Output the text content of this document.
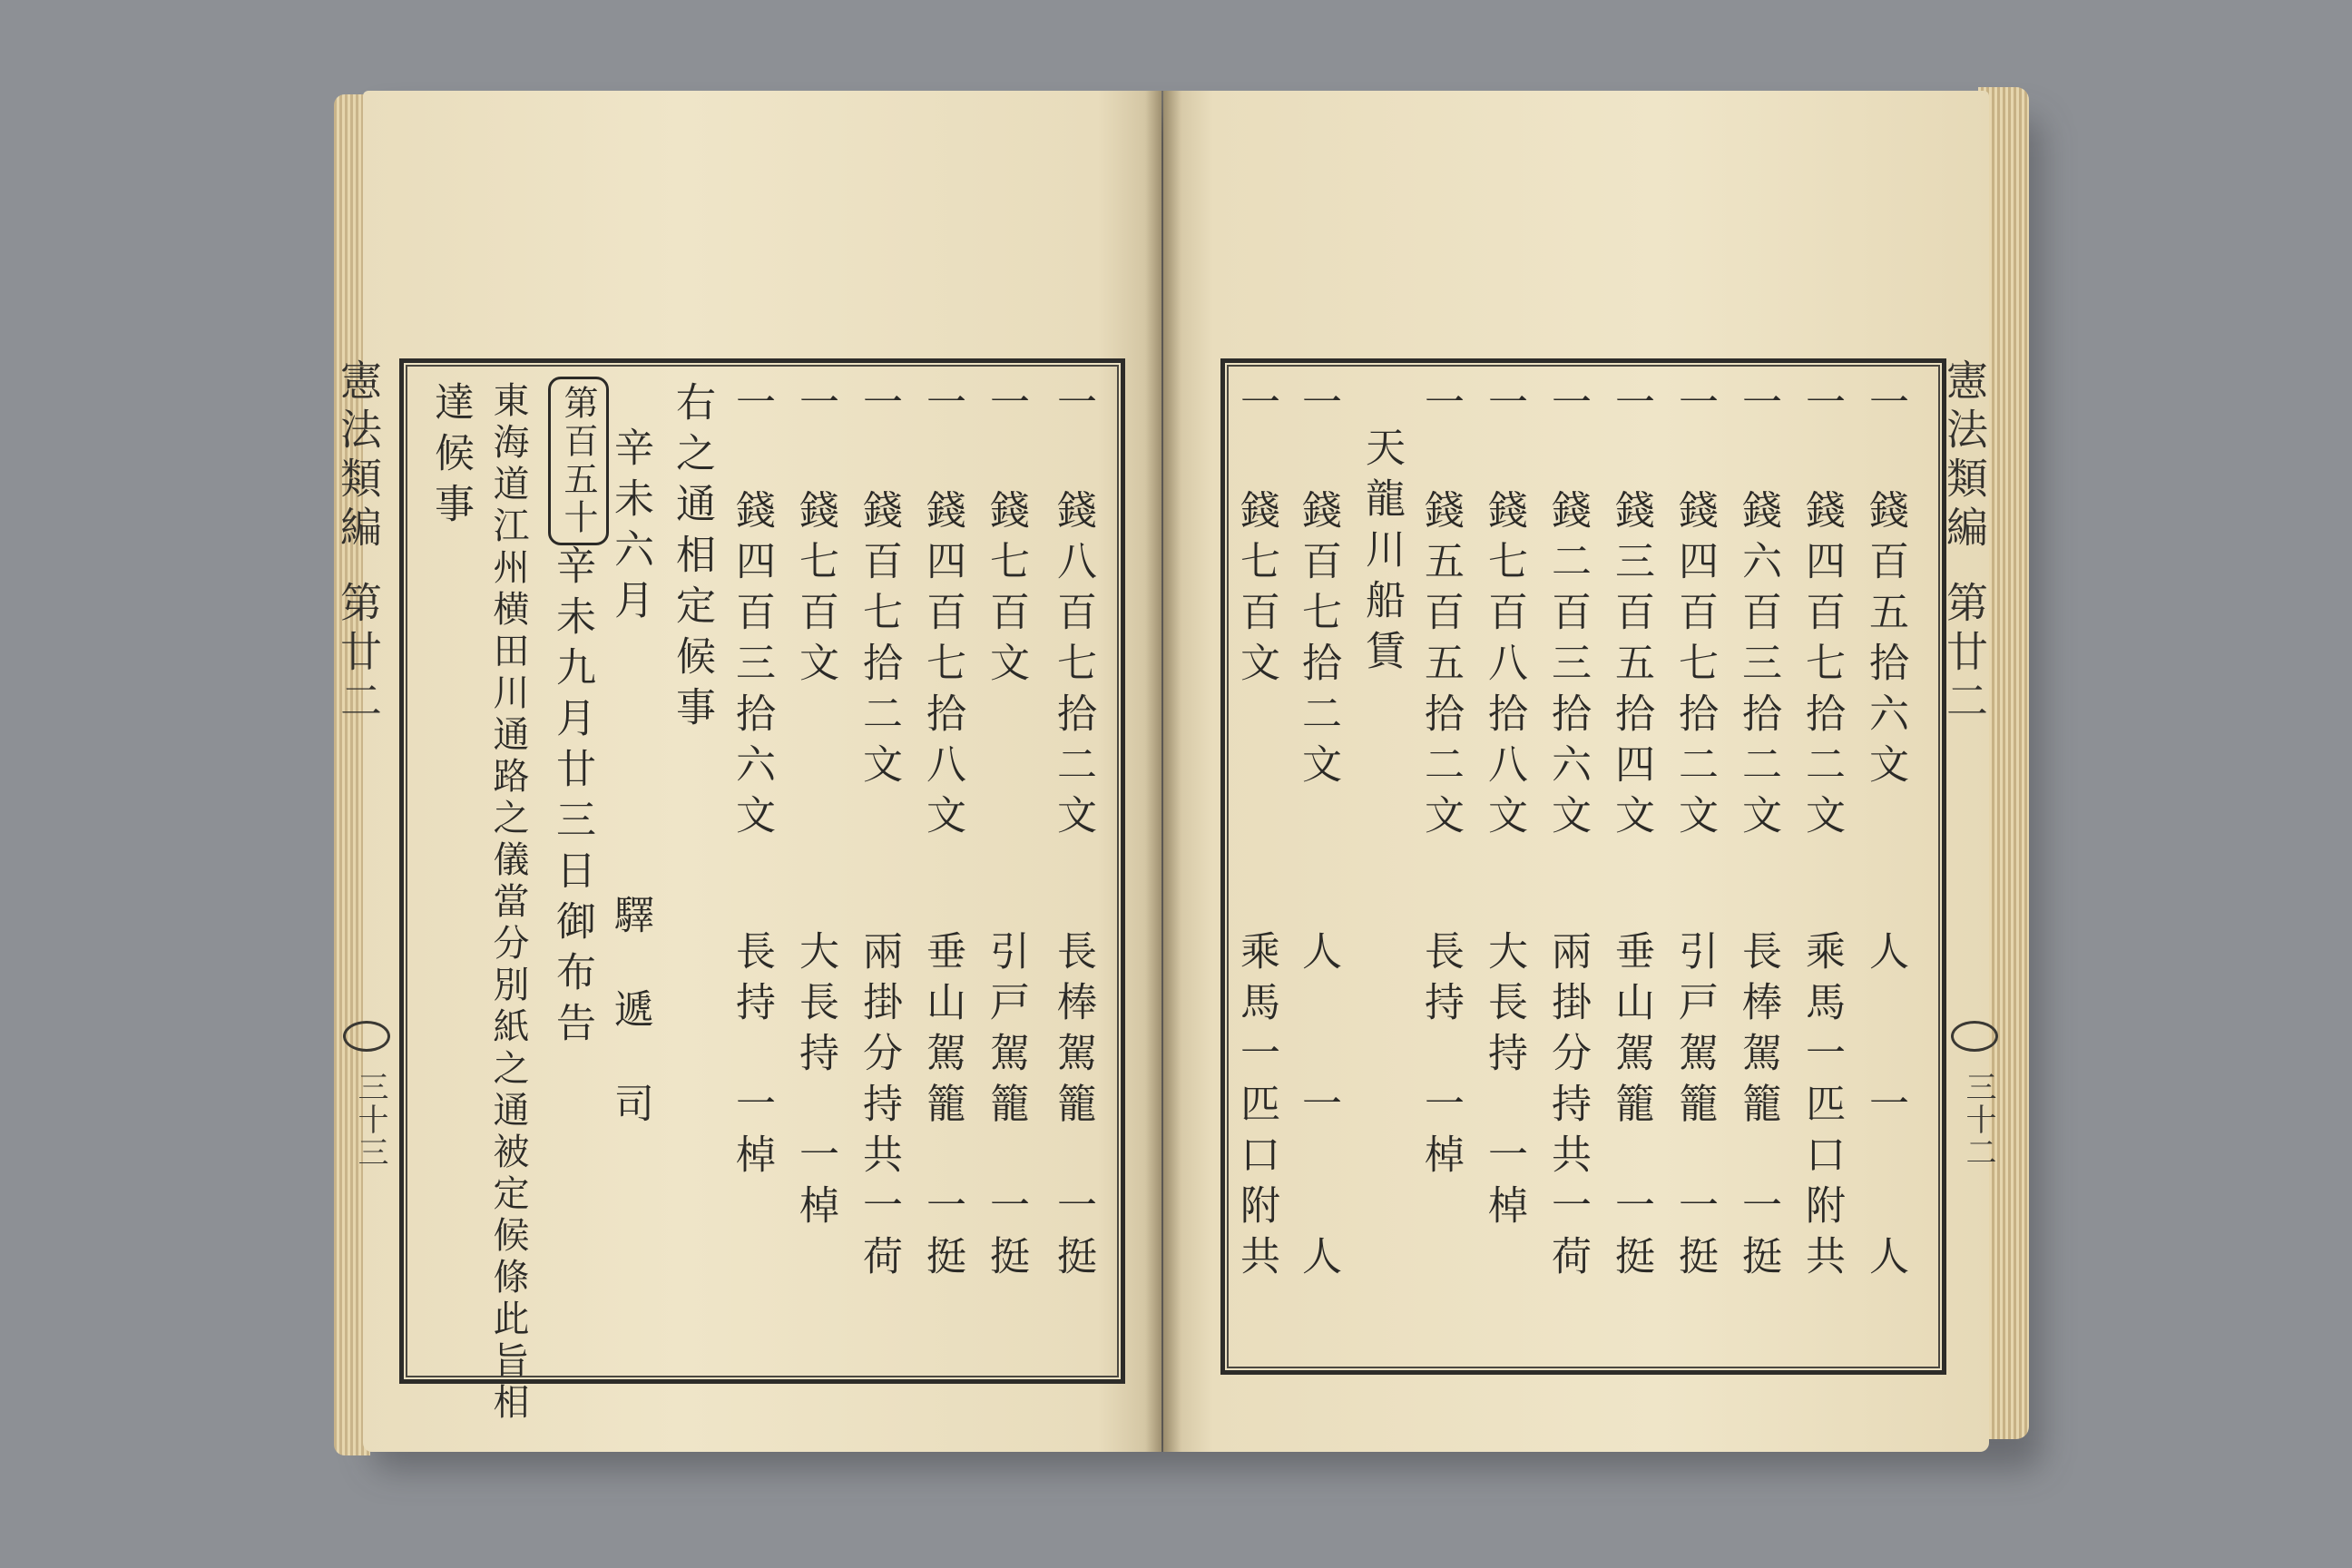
憲法類編
第廿二
三十三
一 錢八百七拾二文
一 錢七百文
一 錢四百七拾八文
一 錢百七拾二文
一 錢七百文
一 錢四百三拾六文
長棒駕籠　一挺
引戸駕籠　一挺
垂山駕籠　一挺
兩掛分持共一荷
大長持　一棹
長持　一棹
右之通相定候事
辛未六月
驛遞司
第百五十
辛未九月廿三日御布告
東海道江州横田川通路之儀當分別紙之通被定候條此旨相
達候事	憲法類編
第廿二
三十二
一 錢百五拾六文
一 錢四百七拾二文
一 錢六百三拾二文
一 錢四百七拾二文
一 錢三百五拾四文
一 錢二百三拾六文
一 錢七百八拾八文
一 錢五百五拾二文
天龍川船賃
一 錢百七拾二文
一 錢七百文
人　一　人
乘馬一匹口附共
長棒駕籠　一挺
引戸駕籠　一挺
垂山駕籠　一挺
兩掛分持共一荷
大長持　一棹
長持　一棹
人　一　人
乘馬一匹口附共
